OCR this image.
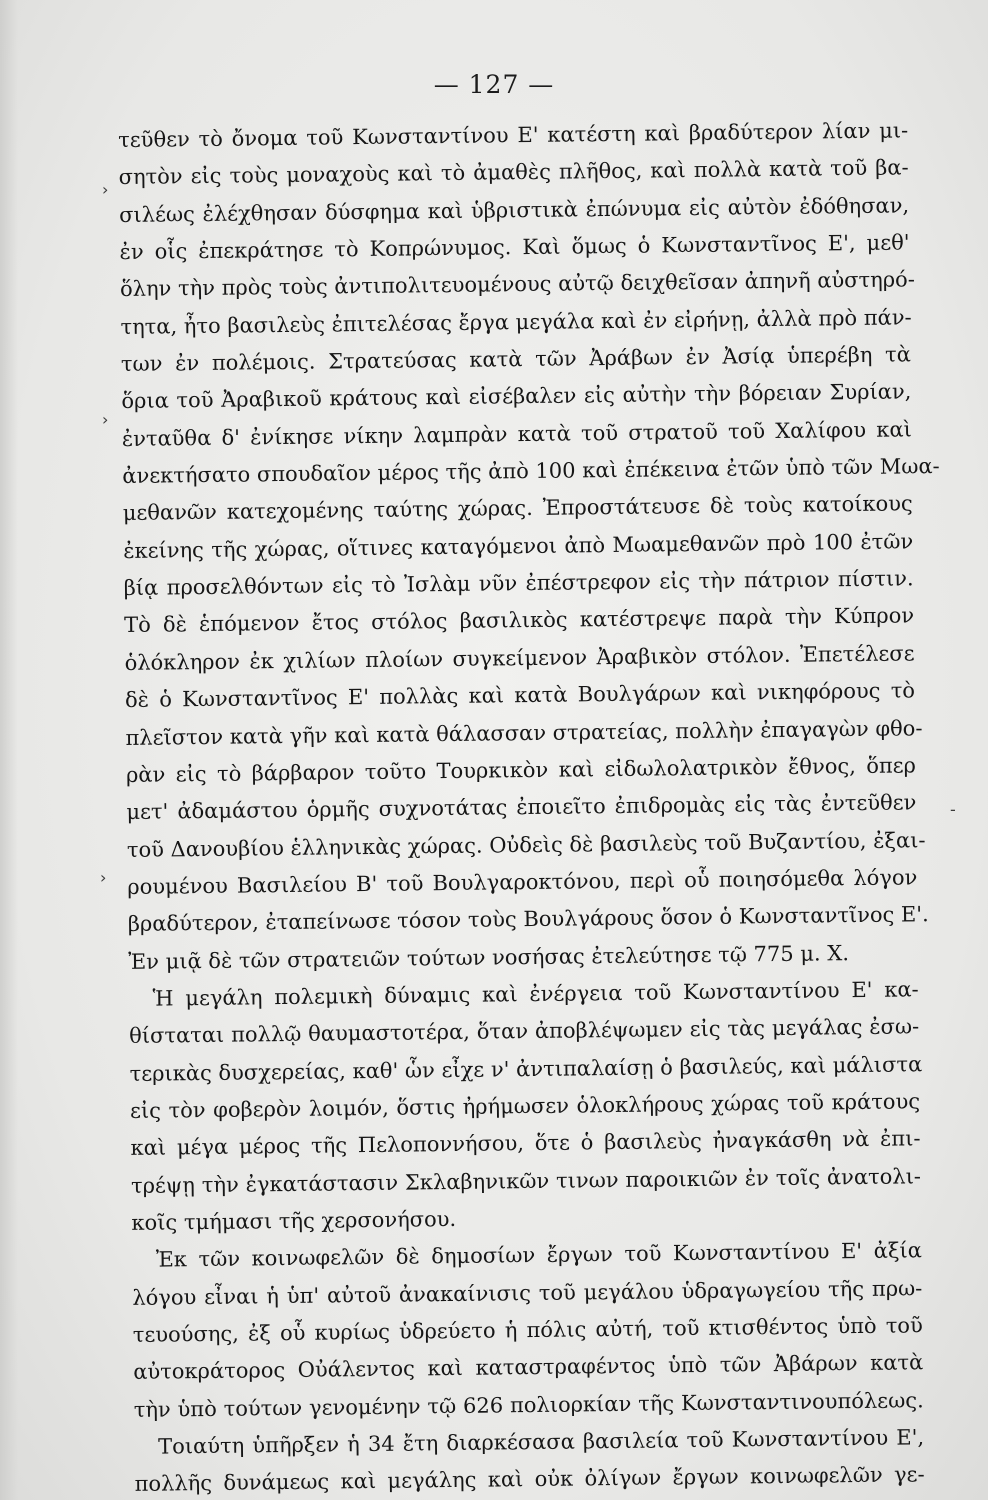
— 127 —
›
›
›
-
τεῦθεν τὸ ὄνομα τοῦ Κωνσταντίνου Ε' κατέστη καὶ βραδύτερον λίαν μι-
σητὸν εἰς τοὺς μοναχοὺς καὶ τὸ ἀμαθὲς πλῆθος, καὶ πολλὰ κατὰ τοῦ βα-
σιλέως ἐλέχθησαν δύσφημα καὶ ὑβριστικὰ ἐπώνυμα εἰς αὐτὸν ἐδόθησαν,
ἐν οἷς ἐπεκράτησε τὸ Κοπρώνυμος. Καὶ ὅμως ὁ Κωνσταντῖνος Ε', μεθ'
ὅλην τὴν πρὸς τοὺς ἀντιπολιτευομένους αὐτῷ δειχθεῖσαν ἀπηνῆ αὐστηρό-
τητα, ἦτο βασιλεὺς ἐπιτελέσας ἔργα μεγάλα καὶ ἐν εἰρήνῃ, ἀλλὰ πρὸ πάν-
των ἐν πολέμοις. Στρατεύσας κατὰ τῶν Ἀράβων ἐν Ἀσίᾳ ὑπερέβη τὰ
ὅρια τοῦ Ἀραβικοῦ κράτους καὶ εἰσέβαλεν εἰς αὐτὴν τὴν βόρειαν Συρίαν,
ἐνταῦθα δ' ἐνίκησε νίκην λαμπρὰν κατὰ τοῦ στρατοῦ τοῦ Χαλίφου καὶ
ἀνεκτήσατο σπουδαῖον μέρος τῆς ἀπὸ 100 καὶ ἐπέκεινα ἐτῶν ὑπὸ τῶν Μωα-
μεθανῶν κατεχομένης ταύτης χώρας. Ἐπροστάτευσε δὲ τοὺς κατοίκους
ἐκείνης τῆς χώρας, οἵτινες καταγόμενοι ἀπὸ Μωαμεθανῶν πρὸ 100 ἐτῶν
βίᾳ προσελθόντων εἰς τὸ Ἰσλὰμ νῦν ἐπέστρεφον εἰς τὴν πάτριον πίστιν.
Τὸ δὲ ἑπόμενον ἔτος στόλος βασιλικὸς κατέστρεψε παρὰ τὴν Κύπρον
ὁλόκληρον ἐκ χιλίων πλοίων συγκείμενον Ἀραβικὸν στόλον. Ἐπετέλεσε
δὲ ὁ Κωνσταντῖνος Ε' πολλὰς καὶ κατὰ Βουλγάρων καὶ νικηφόρους τὸ
πλεῖστον κατὰ γῆν καὶ κατὰ θάλασσαν στρατείας, πολλὴν ἐπαγαγὼν φθο-
ρὰν εἰς τὸ βάρβαρον τοῦτο Τουρκικὸν καὶ εἰδωλολατρικὸν ἔθνος, ὅπερ
μετ' ἀδαμάστου ὁρμῆς συχνοτάτας ἐποιεῖτο ἐπιδρομὰς εἰς τὰς ἐντεῦθεν
τοῦ Δανουβίου ἑλληνικὰς χώρας. Οὐδεὶς δὲ βασιλεὺς τοῦ Βυζαντίου, ἐξαι-
ρουμένου Βασιλείου Β' τοῦ Βουλγαροκτόνου, περὶ οὗ ποιησόμεθα λόγον
βραδύτερον, ἐταπείνωσε τόσον τοὺς Βουλγάρους ὅσον ὁ Κωνσταντῖνος Ε'.
Ἐν μιᾷ δὲ τῶν στρατειῶν τούτων νοσήσας ἐτελεύτησε τῷ 775 μ. Χ.
Ἡ μεγάλη πολεμικὴ δύναμις καὶ ἐνέργεια τοῦ Κωνσταντίνου Ε' κα-
θίσταται πολλῷ θαυμαστοτέρα, ὅταν ἀποβλέψωμεν εἰς τὰς μεγάλας ἐσω-
τερικὰς δυσχερείας, καθ' ὧν εἶχε ν' ἀντιπαλαίσῃ ὁ βασιλεύς, καὶ μάλιστα
εἰς τὸν φοβερὸν λοιμόν, ὅστις ἠρήμωσεν ὁλοκλήρους χώρας τοῦ κράτους
καὶ μέγα μέρος τῆς Πελοποννήσου, ὅτε ὁ βασιλεὺς ἠναγκάσθη νὰ ἐπι-
τρέψῃ τὴν ἐγκατάστασιν Σκλαβηνικῶν τινων παροικιῶν ἐν τοῖς ἀνατολι-
κοῖς τμήμασι τῆς χερσονήσου.
Ἐκ τῶν κοινωφελῶν δὲ δημοσίων ἔργων τοῦ Κωνσταντίνου Ε' ἀξία
λόγου εἶναι ἡ ὑπ' αὐτοῦ ἀνακαίνισις τοῦ μεγάλου ὑδραγωγείου τῆς πρω-
τευούσης, ἐξ οὗ κυρίως ὑδρεύετο ἡ πόλις αὐτή, τοῦ κτισθέντος ὑπὸ τοῦ
αὐτοκράτορος Οὐάλεντος καὶ καταστραφέντος ὑπὸ τῶν Ἀβάρων κατὰ
τὴν ὑπὸ τούτων γενομένην τῷ 626 πολιορκίαν τῆς Κωνσταντινουπόλεως.
Τοιαύτη ὑπῆρξεν ἡ 34 ἔτη διαρκέσασα βασιλεία τοῦ Κωνσταντίνου Ε',
πολλῆς δυνάμεως καὶ μεγάλης καὶ οὐκ ὀλίγων ἔργων κοινωφελῶν γε-
